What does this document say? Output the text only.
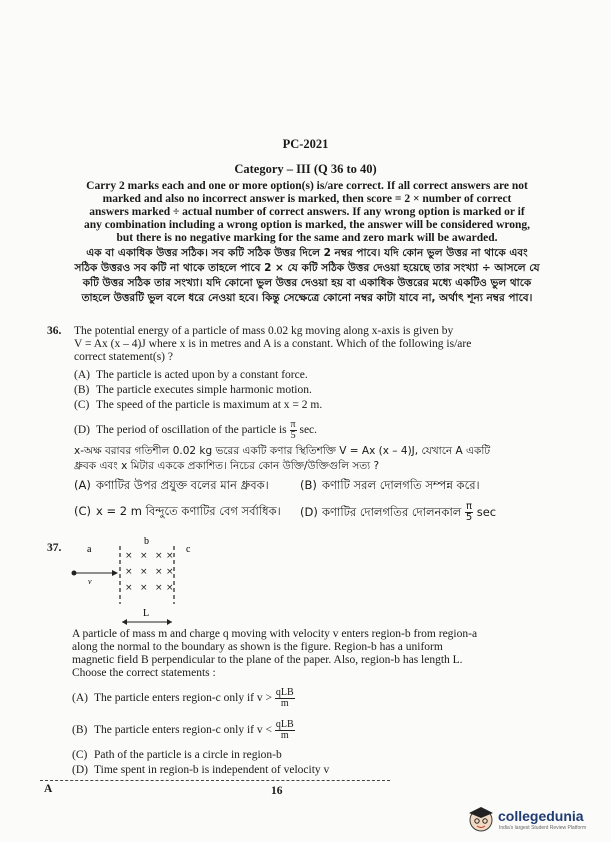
PC-2021
Category – III (Q 36 to 40)
Carry 2 marks each and one or more option(s) is/are correct. If all correct answers are not
marked and also no incorrect answer is marked, then score = 2 × number of correct
answers marked ÷ actual number of correct answers. If any wrong option is marked or if
any combination including a wrong option is marked, the answer will be considered wrong,
but there is no negative marking for the same and zero mark will be awarded.
এক বা একাধিক উত্তর সঠিক। সব কটি সঠিক উত্তর দিলে 2 নম্বর পাবে। যদি কোন ভুল উত্তর না থাকে এবং
সঠিক উত্তরও সব কটি না থাকে তাহলে পাবে 2 × যে কটি সঠিক উত্তর দেওয়া হয়েছে তার সংখ্যা ÷ আসলে যে
কটি উত্তর সঠিক তার সংখ্যা। যদি কোনো ভুল উত্তর দেওয়া হয় বা একাধিক উত্তরের মধ্যে একটিও ভুল থাকে
তাহলে উত্তরটি ভুল বলে ধরে নেওয়া হবে। কিন্তু সেক্ষেত্রে কোনো নম্বর কাটা যাবে না, অর্থাৎ শূন্য নম্বর পাবে।
36. The potential energy of a particle of mass 0.02 kg moving along x-axis is given by
V = Ax (x – 4)J where x is in metres and A is a constant. Which of the following is/are
correct statement(s) ?
(A) The particle is acted upon by a constant force.
(B) The particle executes simple harmonic motion.
(C) The speed of the particle is maximum at x = 2 m.
(D) The period of oscillation of the particle is $\frac{\pi}{5} \sec$.
x-অক্ষ বরাবর গতিশীল 0.02 kg ভরের একটি কণার স্থিতিশক্তি V = Ax (x – 4)J, যেখানে A একটি
ধ্রুবক এবং x মিটার এককে প্রকাশিত। নিচের কোন উক্তি/উক্তিগুলি সত্য ?
(A) কণাটির উপর প্রযুক্ত বলের মান ধ্রুবক।	(B) কণাটি সরল দোলগতি সম্পন্ন করে।
(C) x = 2 m বিন্দুতে কণাটির বেগ সর্বাধিক। (D) কণাটির দোলগতির দোলনকাল $\frac{\pi}{5}$ sec
37.	a
b
c
× × × ×
× × × ×
× × × ×
v
L
A particle of mass m and charge q moving with velocity v enters region-b from region-a
along the normal to the boundary as shown is the figure. Region-b has a uniform
magnetic field B perpendicular to the plane of the paper. Also, region-b has length L.
Choose the correct statements :
(A) The particle enters region-c only if $v > \frac{\text{qLB}}{m}$
(B) The particle enters region-c only if $v < \frac{\text{qLB}}{m}$
(C) Path of the particle is a circle in region-b
(D) Time spent in region-b is independent of velocity v
A	16
collegedunia
India's largest Student Review Platform
